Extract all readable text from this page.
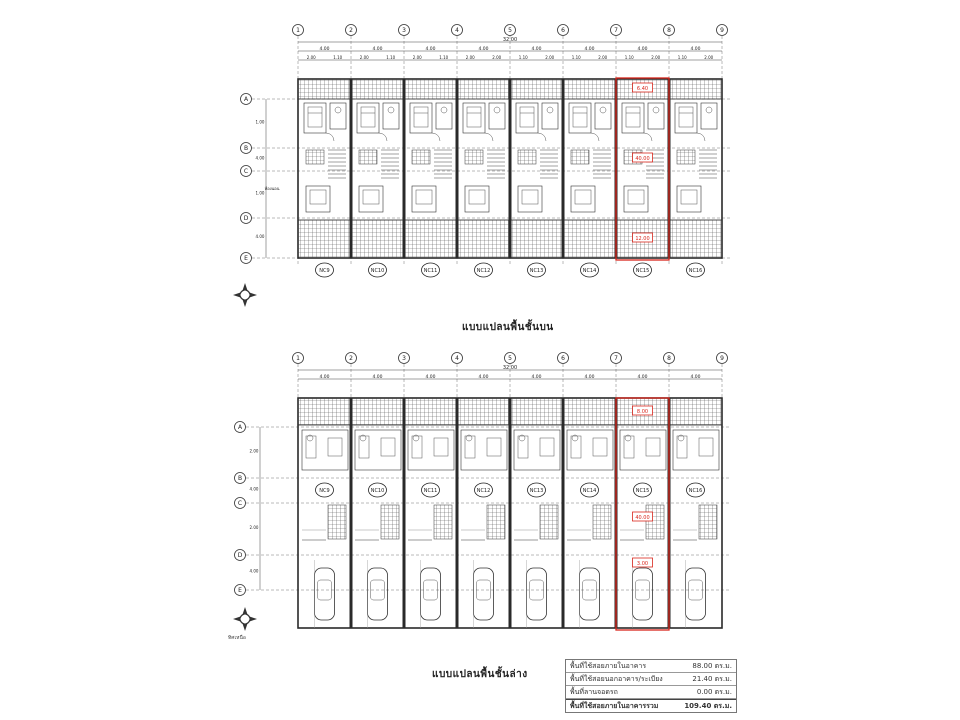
1	2	3	4	5	6	7	8	9
32.00
4.00	4.00	4.00	4.00	4.00	4.00	4.00	4.00
2.00	1.10	2.00	1.10	2.00	1.10	2.00	2.00	1.10	2.00	1.10	2.00	1.10	2.00	1.10	2.00
A
B
C
D
E
1.00
4.00
1.00
4.00
NC9	NC10	NC11	NC12	NC13	NC14	NC15	NC16
6.40
40.00
12.00
ห้องนอน
1	2	3	4	5	6	7	8	9
32.00
4.00	4.00	4.00	4.00	4.00	4.00	4.00	4.00
A
B
C
D
E
2.00
4.00
2.00
4.00
NC9	NC10	NC11	NC12	NC13	NC14	NC15	NC16
8.00
40.00
3.00
แบบแปลนพื้นชั้นบน
แบบแปลนพื้นชั้นล่าง
ทิศเหนือ
พื้นที่ใช้สอยภายในอาคาร	88.00 ตร.ม.
พื้นที่ใช้สอยนอกอาคาร/ระเบียง	21.40 ตร.ม.
พื้นที่ลานจอดรถ	0.00 ตร.ม.
พื้นที่ใช้สอยภายในอาคารรวม	109.40 ตร.ม.
